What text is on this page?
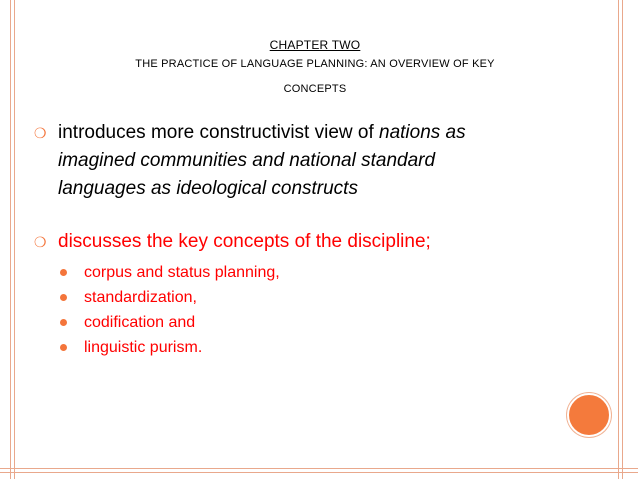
CHAPTER TWO
THE PRACTICE OF LANGUAGE PLANNING: AN OVERVIEW OF KEY
CONCEPTS
❍ introduces more constructivist view of nations as
imagined communities and national standard
languages as ideological constructs
❍ discusses the key concepts of the discipline;
corpus and status planning,
standardization,
codification and
linguistic purism.
